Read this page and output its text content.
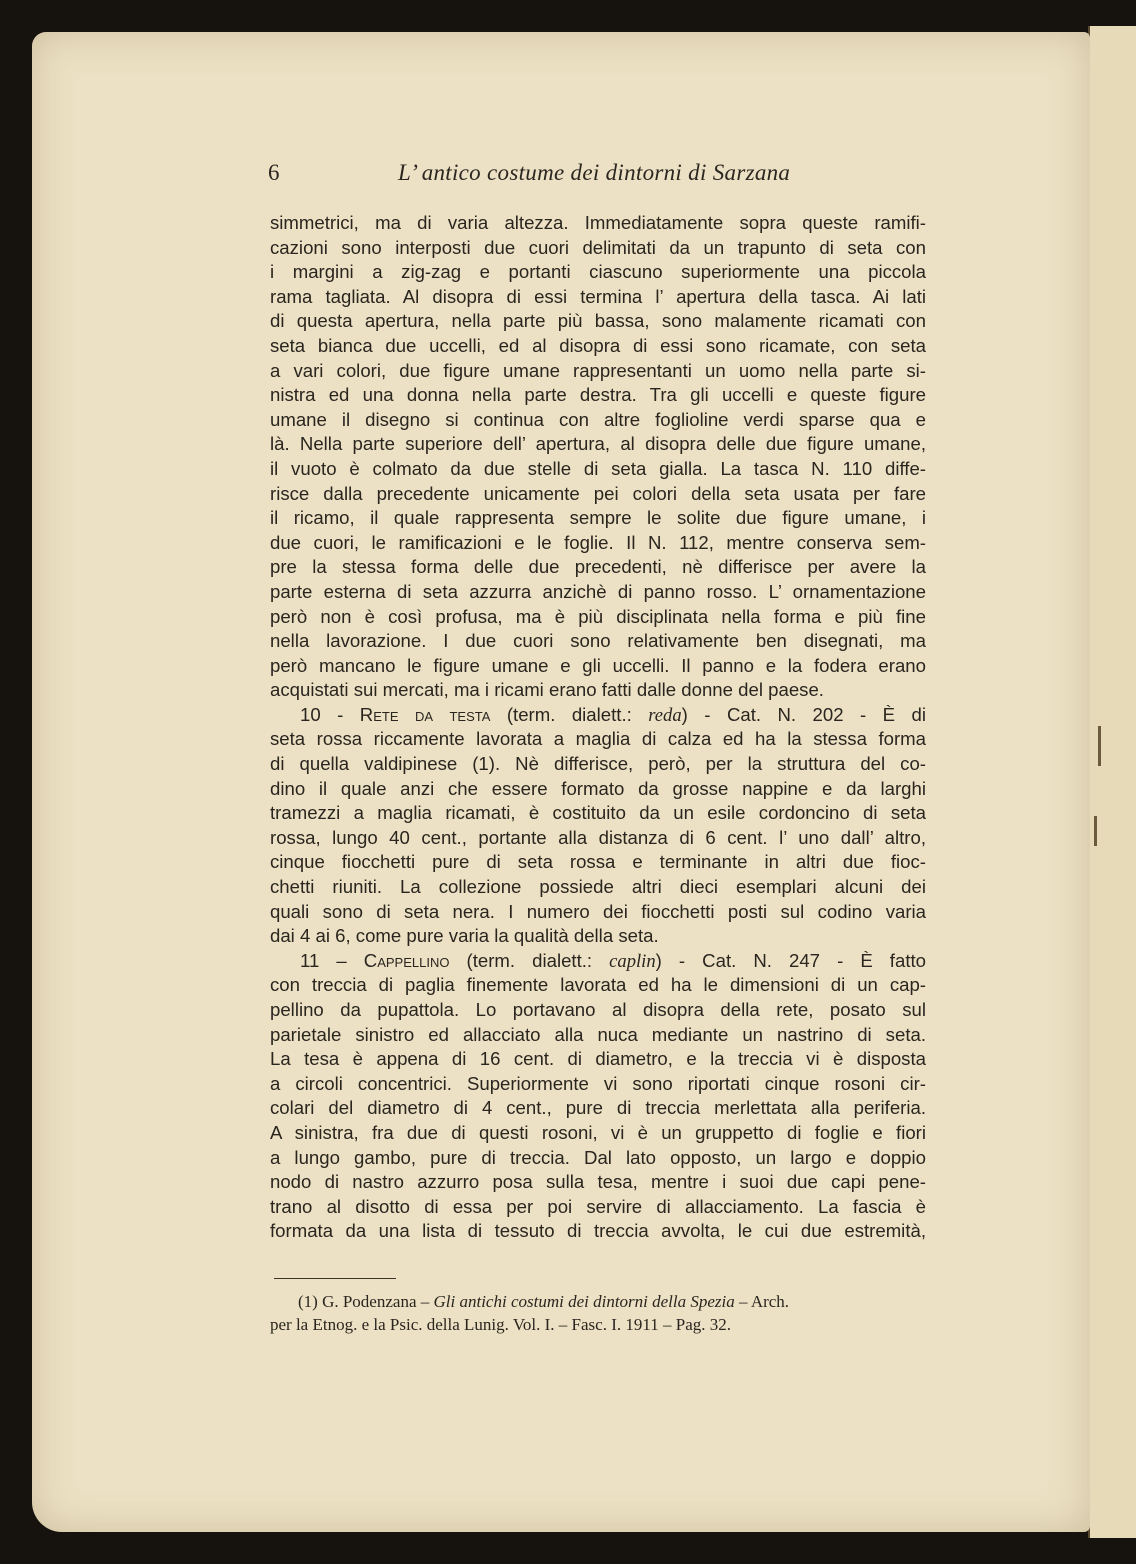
6	L’ antico costume dei dintorni di Sarzana
simmetrici, ma di varia altezza. Immediatamente sopra queste ramifi-
cazioni sono interposti due cuori delimitati da un trapunto di seta con
i margini a zig-zag e portanti ciascuno superiormente una piccola
rama tagliata. Al disopra di essi termina l’ apertura della tasca. Ai lati
di questa apertura, nella parte più bassa, sono malamente ricamati con
seta bianca due uccelli, ed al disopra di essi sono ricamate, con seta
a vari colori, due figure umane rappresentanti un uomo nella parte si-
nistra ed una donna nella parte destra. Tra gli uccelli e queste figure
umane il disegno si continua con altre foglioline verdi sparse qua e
là. Nella parte superiore dell’ apertura, al disopra delle due figure umane,
il vuoto è colmato da due stelle di seta gialla. La tasca N. 110 diffe-
risce dalla precedente unicamente pei colori della seta usata per fare
il ricamo, il quale rappresenta sempre le solite due figure umane, i
due cuori, le ramificazioni e le foglie. Il N. 112, mentre conserva sem-
pre la stessa forma delle due precedenti, nè differisce per avere la
parte esterna di seta azzurra anzichè di panno rosso. L’ ornamentazione
però non è così profusa, ma è più disciplinata nella forma e più fine
nella lavorazione. I due cuori sono relativamente ben disegnati, ma
però mancano le figure umane e gli uccelli. Il panno e la fodera erano
acquistati sui mercati, ma i ricami erano fatti dalle donne del paese.
10 - Rete da testa (term. dialett.: reda) - Cat. N. 202 - È di
seta rossa riccamente lavorata a maglia di calza ed ha la stessa forma
di quella valdipinese (1). Nè differisce, però, per la struttura del co-
dino il quale anzi che essere formato da grosse nappine e da larghi
tramezzi a maglia ricamati, è costituito da un esile cordoncino di seta
rossa, lungo 40 cent., portante alla distanza di 6 cent. l’ uno dall’ altro,
cinque fiocchetti pure di seta rossa e terminante in altri due fioc-
chetti riuniti. La collezione possiede altri dieci esemplari alcuni dei
quali sono di seta nera. I numero dei fiocchetti posti sul codino varia
dai 4 ai 6, come pure varia la qualità della seta.
11 – Cappellino (term. dialett.: caplin) - Cat. N. 247 - È fatto
con treccia di paglia finemente lavorata ed ha le dimensioni di un cap-
pellino da pupattola. Lo portavano al disopra della rete, posato sul
parietale sinistro ed allacciato alla nuca mediante un nastrino di seta.
La tesa è appena di 16 cent. di diametro, e la treccia vi è disposta
a circoli concentrici. Superiormente vi sono riportati cinque rosoni cir-
colari del diametro di 4 cent., pure di treccia merlettata alla periferia.
A sinistra, fra due di questi rosoni, vi è un gruppetto di foglie e fiori
a lungo gambo, pure di treccia. Dal lato opposto, un largo e doppio
nodo di nastro azzurro posa sulla tesa, mentre i suoi due capi pene-
trano al disotto di essa per poi servire di allacciamento. La fascia è
formata da una lista di tessuto di treccia avvolta, le cui due estremità,
(1) G. Podenzana – Gli antichi costumi dei dintorni della Spezia – Arch.
per la Etnog. e la Psic. della Lunig. Vol. I. – Fasc. I. 1911 – Pag. 32.
